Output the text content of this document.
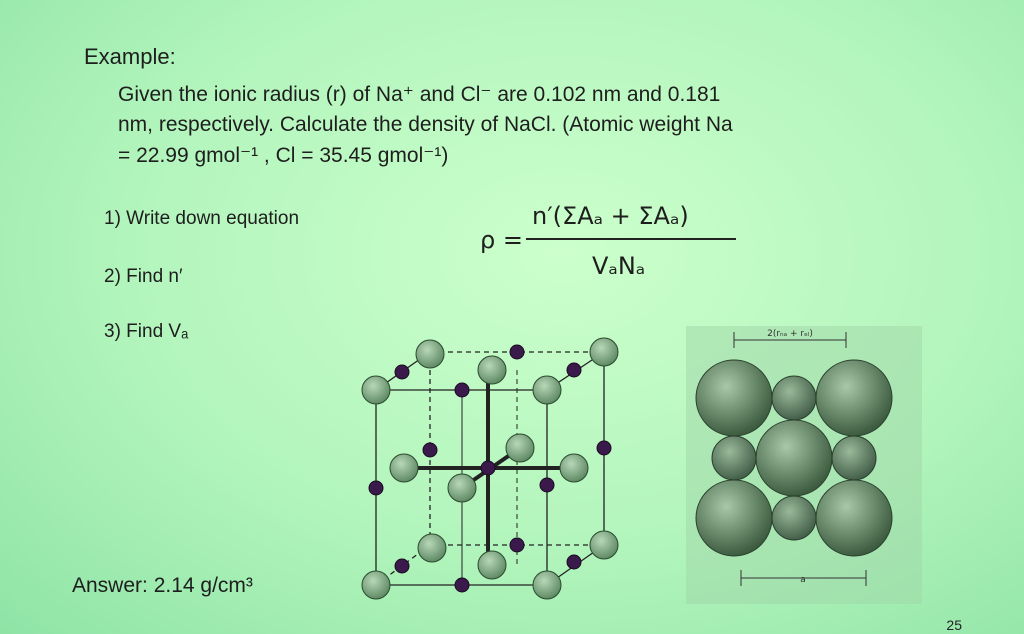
Example:

Given the ionic radius (r) of Na⁺ and Cl⁻ are 0.102 nm and 0.181

nm, respectively. Calculate the density of NaCl. (Atomic weight Na

= 22.99 gmol⁻¹ , Cl = 35.45 gmol⁻¹)

1) Write down equation

2) Find n′

3) Find Vₐ

ρ =
n′(ΣAₐ + ΣAₐ)
VₐNₐ
2(rₙₐ + rₑₗ)
a

Answer: 2.14 g/cm³

25
